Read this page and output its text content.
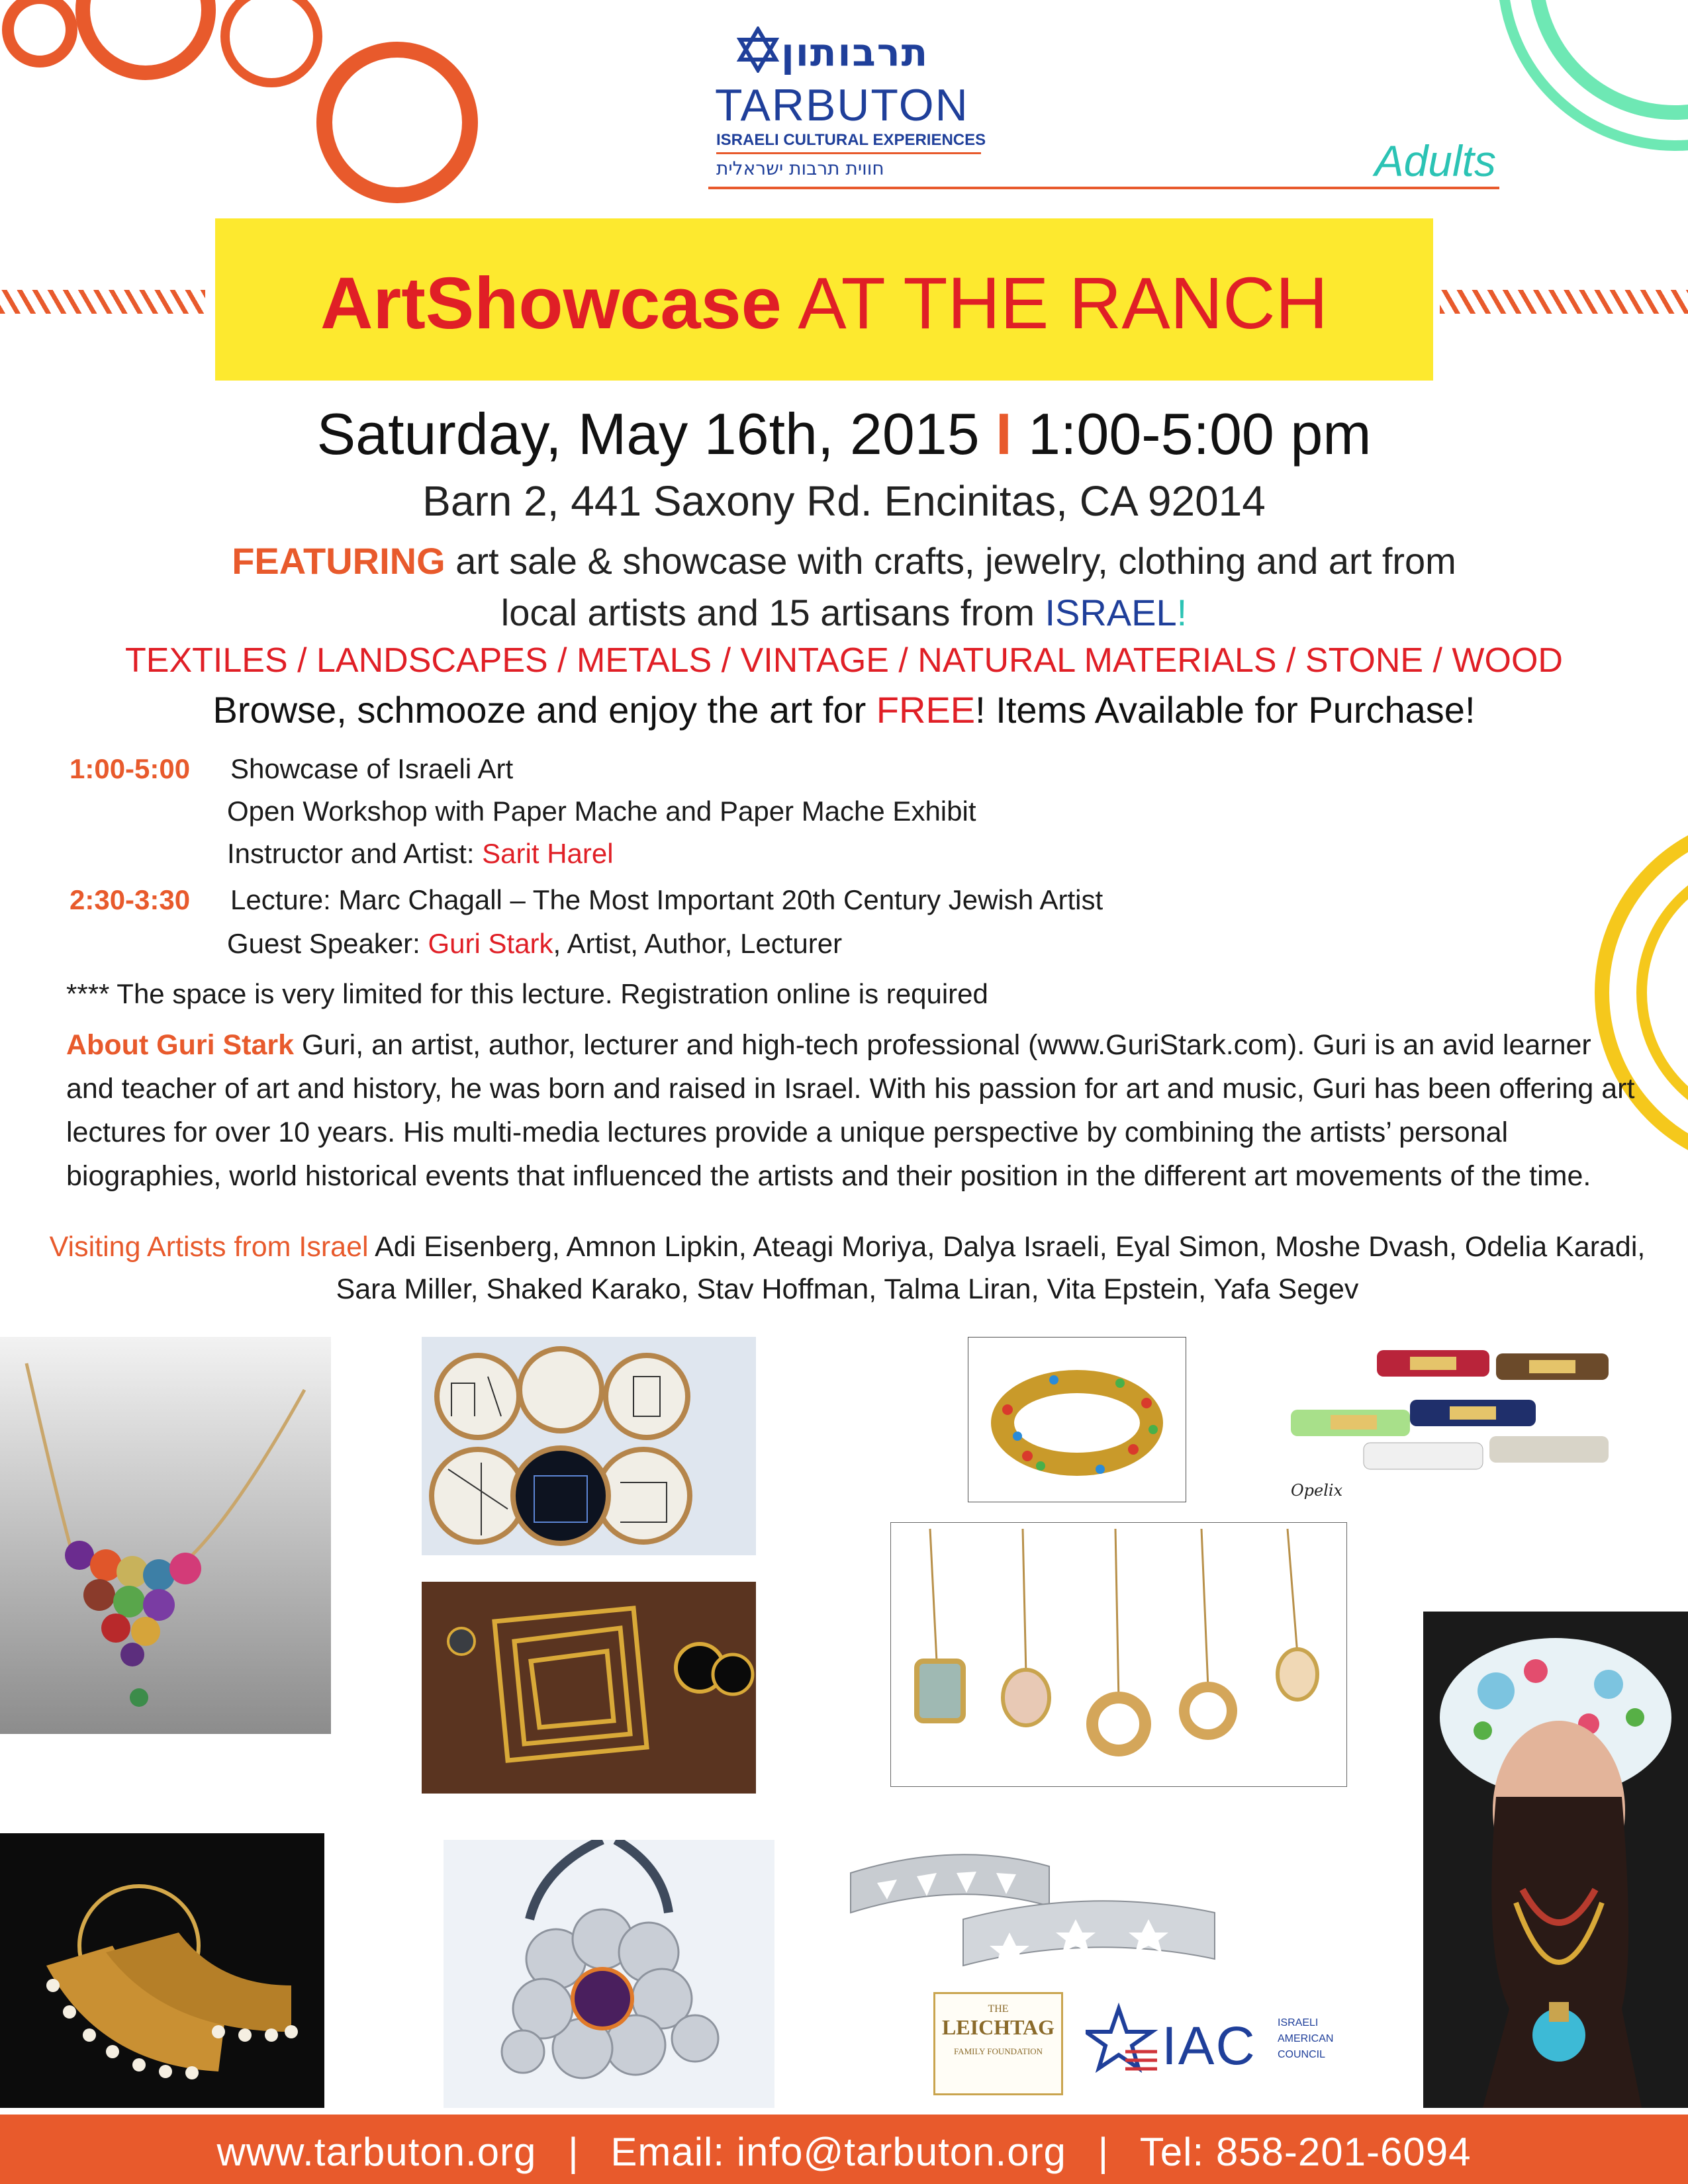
תרבותון
TARBUTON
ISRAELI CULTURAL EXPERIENCES
חווית תרבות ישראלית	Adults
ArtShowcase AT THE RANCH
Saturday, May 16th, 2015 I 1:00-5:00 pm
Barn 2, 441 Saxony Rd. Encinitas, CA 92014
FEATURING art sale & showcase with crafts, jewelry, clothing and art from
local artists and 15 artisans from ISRAEL!
TEXTILES / LANDSCAPES / METALS / VINTAGE / NATURAL MATERIALS / STONE / WOOD
Browse, schmooze and enjoy the art for FREE! Items Available for Purchase!
1:00-5:00 Showcase of Israeli Art
Open Workshop with Paper Mache and Paper Mache Exhibit
Instructor and Artist: Sarit Harel
2:30-3:30 Lecture: Marc Chagall – The Most Important 20th Century Jewish Artist
Guest Speaker: Guri Stark, Artist, Author, Lecturer
**** The space is very limited for this lecture. Registration online is required
About Guri Stark Guri, an artist, author, lecturer and high-tech professional (www.GuriStark.com). Guri is an avid learner and teacher of art and history, he was born and raised in Israel. With his passion for art and music, Guri has been offering art lectures for over 10 years. His multi-media lectures provide a unique perspective by combining the artists’ personal biographies, world historical events that influenced the artists and their position in the different art movements of the time.
Visiting Artists from Israel Adi Eisenberg, Amnon Lipkin, Ateagi Moriya, Dalya Israeli, Eyal Simon, Moshe Dvash, Odelia Karadi, Sara Miller, Shaked Karako, Stav Hoffman, Talma Liran, Vita Epstein, Yafa Segev
Opelix
THE
LEICHTAG
FAMILY FOUNDATION	IAC ISRAELI
AMERICAN
COUNCIL
www.tarbuton.org | Email: info@tarbuton.org | Tel: 858-201-6094
